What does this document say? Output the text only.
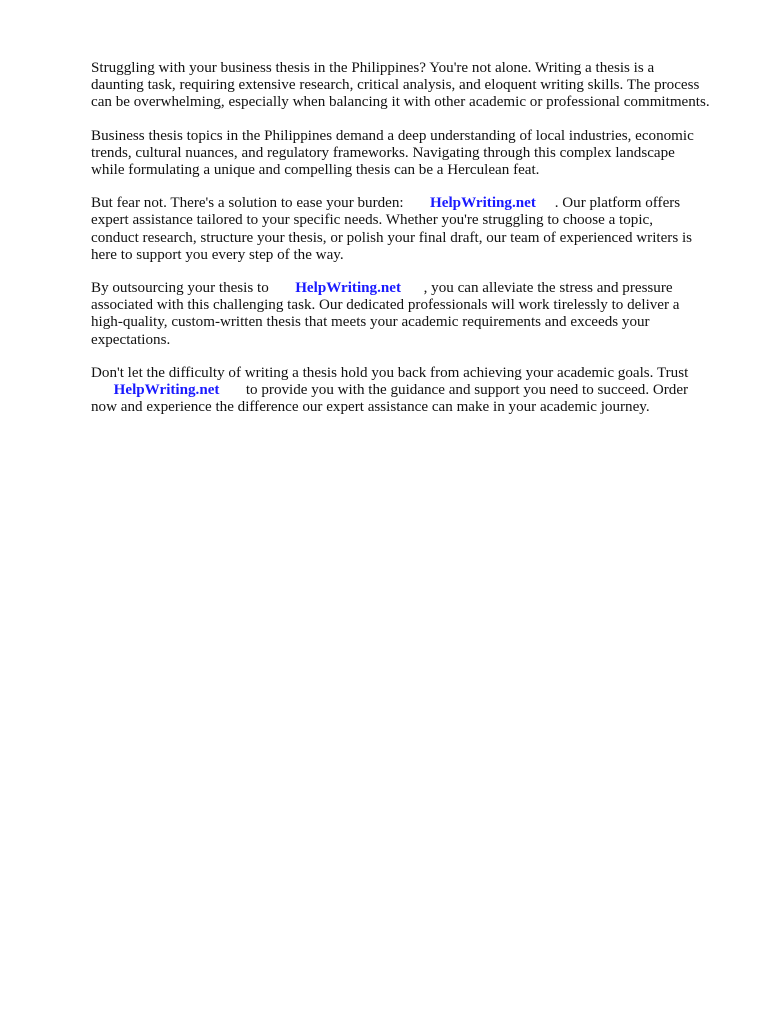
Struggling with your business thesis in the Philippines? You're not alone. Writing a thesis is a
daunting task, requiring extensive research, critical analysis, and eloquent writing skills. The process
can be overwhelming, especially when balancing it with other academic or professional commitments.

Business thesis topics in the Philippines demand a deep understanding of local industries, economic
trends, cultural nuances, and regulatory frameworks. Navigating through this complex landscape
while formulating a unique and compelling thesis can be a Herculean feat.

But fear not. There's a solution to ease your burden:       HelpWriting.net     . Our platform offers
expert assistance tailored to your specific needs. Whether you're struggling to choose a topic,
conduct research, structure your thesis, or polish your final draft, our team of experienced writers is
here to support you every step of the way.

By outsourcing your thesis to       HelpWriting.net      , you can alleviate the stress and pressure
associated with this challenging task. Our dedicated professionals will work tirelessly to deliver a
high-quality, custom-written thesis that meets your academic requirements and exceeds your
expectations.

Don't let the difficulty of writing a thesis hold you back from achieving your academic goals. Trust
HelpWriting.net       to provide you with the guidance and support you need to succeed. Order
now and experience the difference our expert assistance can make in your academic journey.
